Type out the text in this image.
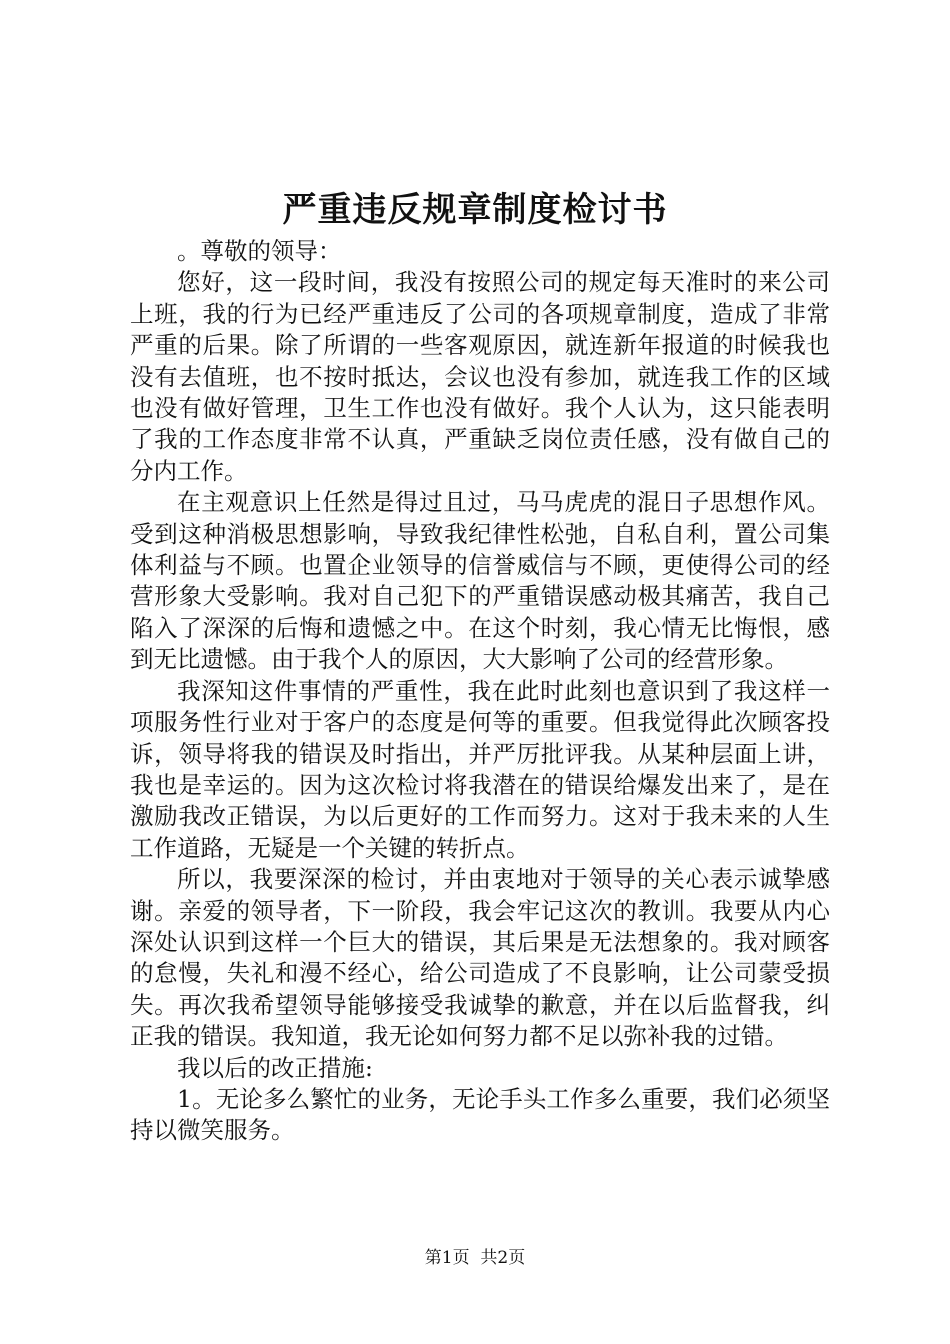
严重违反规章制度检讨书

。尊敬的领导：

您好，这一段时间，我没有按照公司的规定每天准时的来公司上班，我的行为已经严重违反了公司的各项规章制度，造成了非常严重的后果。除了所谓的一些客观原因，就连新年报道的时候我也没有去值班，也不按时抵达，会议也没有参加，就连我工作的区域也没有做好管理，卫生工作也没有做好。我个人认为，这只能表明了我的工作态度非常不认真，严重缺乏岗位责任感，没有做自己的分内工作。

在主观意识上任然是得过且过，马马虎虎的混日子思想作风。受到这种消极思想影响，导致我纪律性松弛，自私自利，置公司集体利益与不顾。也置企业领导的信誉威信与不顾，更使得公司的经营形象大受影响。我对自己犯下的严重错误感动极其痛苦，我自己陷入了深深的后悔和遗憾之中。在这个时刻，我心情无比悔恨，感到无比遗憾。由于我个人的原因，大大影响了公司的经营形象。

我深知这件事情的严重性，我在此时此刻也意识到了我这样一项服务性行业对于客户的态度是何等的重要。但我觉得此次顾客投诉，领导将我的错误及时指出，并严厉批评我。从某种层面上讲，我也是幸运的。因为这次检讨将我潜在的错误给爆发出来了，是在激励我改正错误，为以后更好的工作而努力。这对于我未来的人生工作道路，无疑是一个关键的转折点。

所以，我要深深的检讨，并由衷地对于领导的关心表示诚挚感谢。亲爱的领导者，下一阶段，我会牢记这次的教训。我要从内心深处认识到这样一个巨大的错误，其后果是无法想象的。我对顾客的怠慢，失礼和漫不经心，给公司造成了不良影响，让公司蒙受损失。再次我希望领导能够接受我诚挚的歉意，并在以后监督我，纠正我的错误。我知道，我无论如何努力都不足以弥补我的过错。

我以后的改正措施:

1。无论多么繁忙的业务，无论手头工作多么重要，我们必须坚持以微笑服务。

第1页  共2页
